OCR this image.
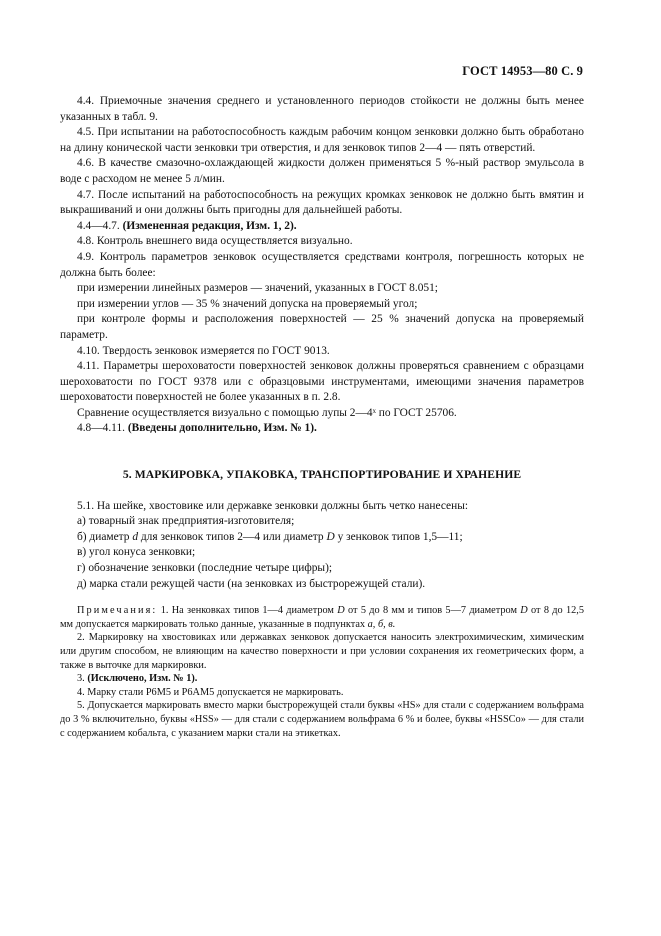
ГОСТ 14953—80 С. 9

4.4. Приемочные значения среднего и установленного периодов стойкости не должны быть менее указанных в табл. 9.

4.5. При испытании на работоспособность каждым рабочим концом зенковки должно быть обработано на длину конической части зенковки три отверстия, и для зенковок типов 2—4 — пять отверстий.

4.6. В качестве смазочно-охлаждающей жидкости должен применяться 5 %-ный раствор эмульсола в воде с расходом не менее 5 л/мин.

4.7. После испытаний на работоспособность на режущих кромках зенковок не должно быть вмятин и выкрашиваний и они должны быть пригодны для дальнейшей работы.

4.4—4.7. (Измененная редакция, Изм. 1, 2).

4.8. Контроль внешнего вида осуществляется визуально.

4.9. Контроль параметров зенковок осуществляется средствами контроля, погрешность которых не должна быть более:

при измерении линейных размеров — значений, указанных в ГОСТ 8.051;

при измерении углов — 35 % значений допуска на проверяемый угол;

при контроле формы и расположения поверхностей — 25 % значений допуска на проверяемый параметр.

4.10. Твердость зенковок измеряется по ГОСТ 9013.

4.11. Параметры шероховатости поверхностей зенковок должны проверяться сравнением с образцами шероховатости по ГОСТ 9378 или с образцовыми инструментами, имеющими значения параметров шероховатости поверхностей не более указанных в п. 2.8.

Сравнение осуществляется визуально с помощью лупы 2—4ˣ по ГОСТ 25706.

4.8—4.11. (Введены дополнительно, Изм. № 1).

5. МАРКИРОВКА, УПАКОВКА, ТРАНСПОРТИРОВАНИЕ И ХРАНЕНИЕ

5.1. На шейке, хвостовике или державке зенковки должны быть четко нанесены:

а) товарный знак предприятия-изготовителя;

б) диаметр d для зенковок типов 2—4 или диаметр D у зенковок типов 1,5—11;

в) угол конуса зенковки;

г) обозначение зенковки (последние четыре цифры);

д) марка стали режущей части (на зенковках из быстрорежущей стали).

Примечания: 1. На зенковках типов 1—4 диаметром D от 5 до 8 мм и типов 5—7 диаметром D от 8 до 12,5 мм допускается маркировать только данные, указанные в подпунктах а, б, в.

2. Маркировку на хвостовиках или державках зенковок допускается наносить электрохимическим, химическим или другим способом, не влияющим на качество поверхности и при условии сохранения их геометрических форм, а также в выточке для маркировки.

3. (Исключено, Изм. № 1).

4. Марку стали Р6М5 и Р6АМ5 допускается не маркировать.

5. Допускается маркировать вместо марки быстрорежущей стали буквы «HS» для стали с содержанием вольфрама до 3 % включительно, буквы «HSS» — для стали с содержанием вольфрама 6 % и более, буквы «HSSCo» — для стали с содержанием кобальта, с указанием марки стали на этикетках.
